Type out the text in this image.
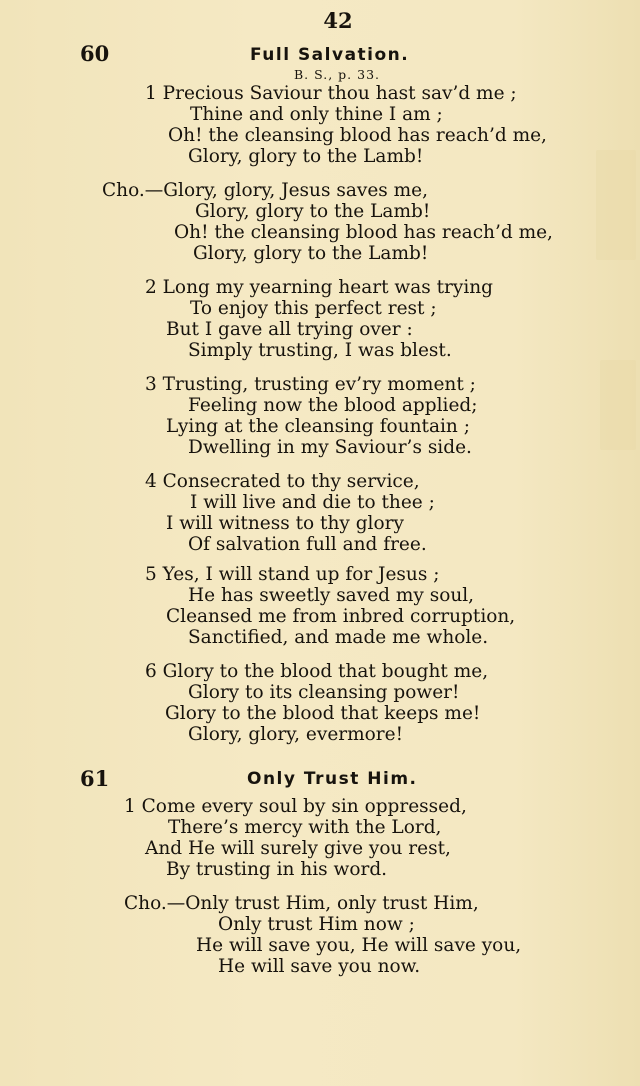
42
60	Full Salvation.
B. S., p. 33.
1 Precious Saviour thou hast sav’d me ;
Thine and only thine I am ;
Oh! the cleansing blood has reach’d me,
Glory, glory to the Lamb!
Cho.—Glory, glory, Jesus saves me,
Glory, glory to the Lamb!
Oh! the cleansing blood has reach’d me,
Glory, glory to the Lamb!
2 Long my yearning heart was trying
To enjoy this perfect rest ;
But I gave all trying over :
Simply trusting, I was blest.
3 Trusting, trusting ev’ry moment ;
Feeling now the blood applied;
Lying at the cleansing fountain ;
Dwelling in my Saviour’s side.
4 Consecrated to thy service,
I will live and die to thee ;
I will witness to thy glory
Of salvation full and free.
5 Yes, I will stand up for Jesus ;
He has sweetly saved my soul,
Cleansed me from inbred corruption,
Sanctified, and made me whole.
6 Glory to the blood that bought me,
Glory to its cleansing power!
Glory to the blood that keeps me!
Glory, glory, evermore!
61	Only Trust Him.
1 Come every soul by sin oppressed,
There’s mercy with the Lord,
And He will surely give you rest,
By trusting in his word.
Cho.—Only trust Him, only trust Him,
Only trust Him now ;
He will save you, He will save you,
He will save you now.
